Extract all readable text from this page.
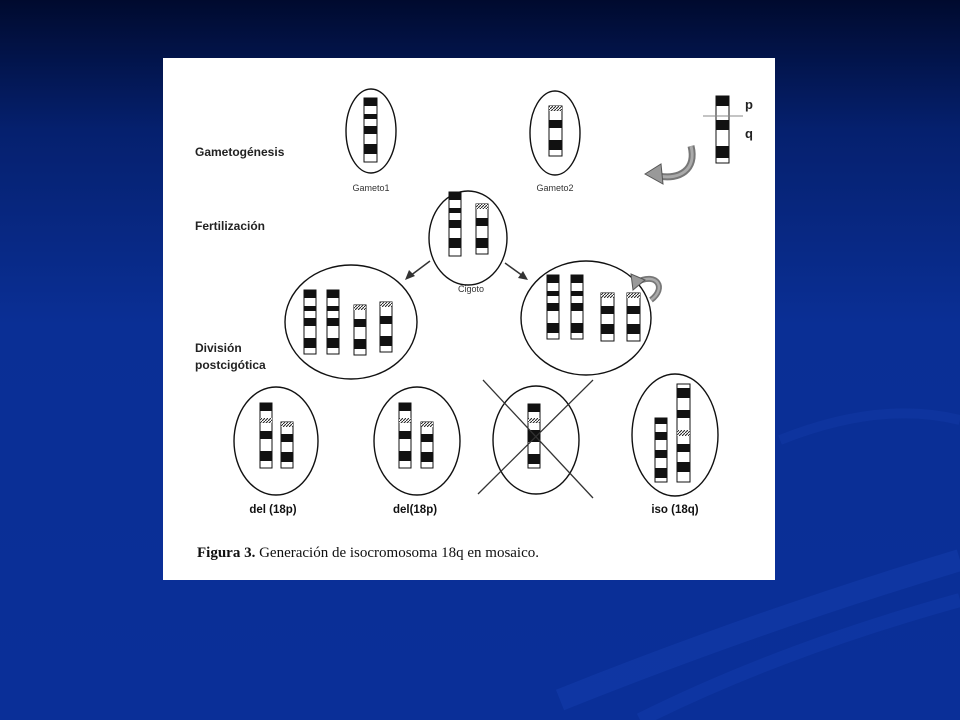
Gametogénesis
Fertilización
División
postcigótica
Gameto1	Gameto2
p
q
Cigoto
del (18p)	del(18p)	iso (18q)
Figura 3. Generación de isocromosoma 18q en mosaico.
